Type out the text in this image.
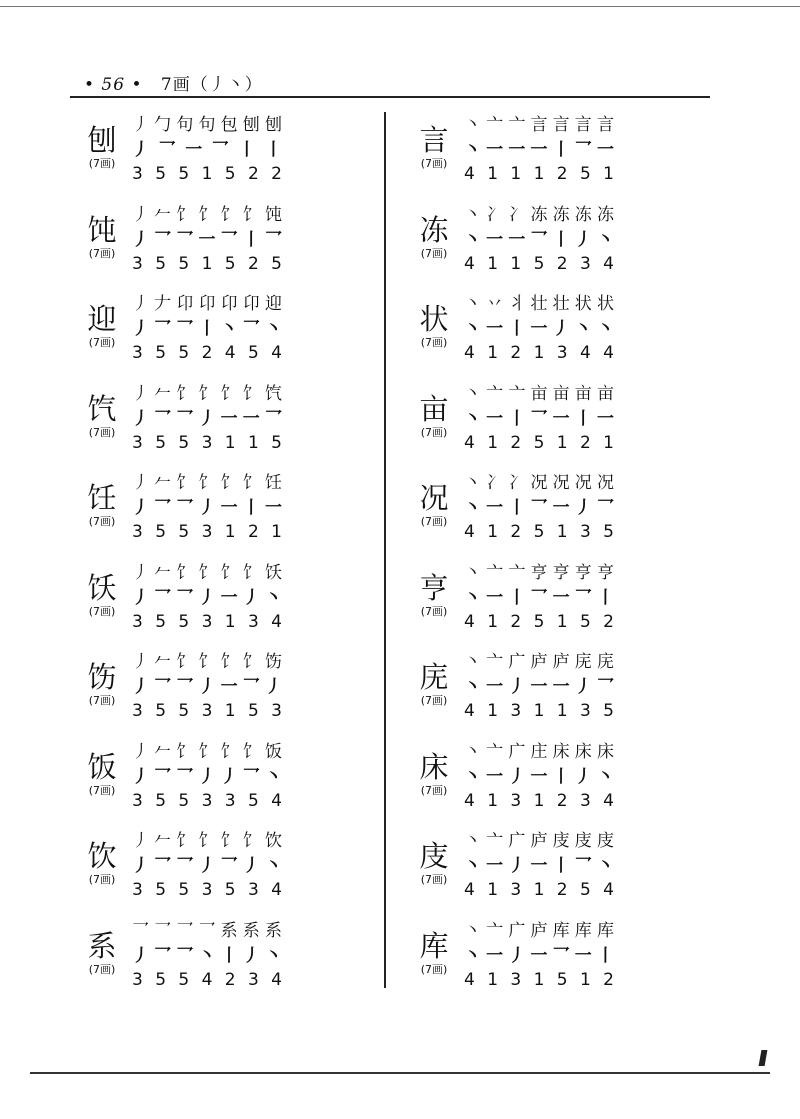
• 56 • 7画（丿丶）
刨
(7画)
丿 勹 句 句 包 刨 刨
丿 乛 一 乛 丨 丨
3 5 5 1 5 2 2
饨
(7画)
丿 𠂉 饣 饣 饣 饣 饨
丿 乛 乛 一 乛 丨 乛
3 5 5 1 5 2 5
迎
(7画)
丿 𠂇 卬 卬 卬 卬 迎
丿 乛 乛 丨 丶 乛 丶
3 5 5 2 4 5 4
饩
(7画)
丿 𠂉 饣 饣 饣 饣 饩
丿 乛 乛 丿 一 一 乛
3 5 5 3 1 1 5
饪
(7画)
丿 𠂉 饣 饣 饣 饣 饪
丿 乛 乛 丿 一 丨 一
3 5 5 3 1 2 1
饫
(7画)
丿 𠂉 饣 饣 饣 饣 饫
丿 乛 乛 丿 一 丿 丶
3 5 5 3 1 3 4
饬
(7画)
丿 𠂉 饣 饣 饣 饣 饬
丿 乛 乛 丿 一 乛 丿
3 5 5 3 1 5 3
饭
(7画)
丿 𠂉 饣 饣 饣 饣 饭
丿 乛 乛 丿 丿 乛 丶
3 5 5 3 3 5 4
饮
(7画)
丿 𠂉 饣 饣 饣 饣 饮
丿 乛 乛 丿 乛 丿 丶
3 5 5 3 5 3 4
系
(7画)
乛 乛 乛 乛 系 系 系
丿 乛 乛 丶 丨 丿 丶
3 5 5 4 2 3 4
言
(7画)
丶 亠 亠 言 言 言 言
丶 一 一 一 丨 乛 一
4 1 1 1 2 5 1
冻
(7画)
丶 冫 冫 冻 冻 冻 冻
丶 一 一 乛 丨 丿 丶
4 1 1 5 2 3 4
状
(7画)
丶 丷 丬 壮 壮 状 状
丶 一 丨 一 丿 丶 丶
4 1 2 1 3 4 4
亩
(7画)
丶 亠 亠 亩 亩 亩 亩
丶 一 丨 乛 一 丨 一
4 1 2 5 1 2 1
况
(7画)
丶 冫 冫 况 况 况 况
丶 一 丨 乛 一 丿 乛
4 1 2 5 1 3 5
亨
(7画)
丶 亠 亠 亨 亨 亨 亨
丶 一 丨 乛 一 乛 丨
4 1 2 5 1 5 2
庑
(7画)
丶 亠 广 庐 庐 庑 庑
丶 一 丿 一 一 丿 乛
4 1 3 1 1 3 5
床
(7画)
丶 亠 广 庄 床 床 床
丶 一 丿 一 丨 丿 丶
4 1 3 1 2 3 4
庋
(7画)
丶 亠 广 庐 庋 庋 庋
丶 一 丿 一 丨 乛 丶
4 1 3 1 2 5 4
库
(7画)
丶 亠 广 庐 库 库 库
丶 一 丿 一 乛 一 丨
4 1 3 1 5 1 2
